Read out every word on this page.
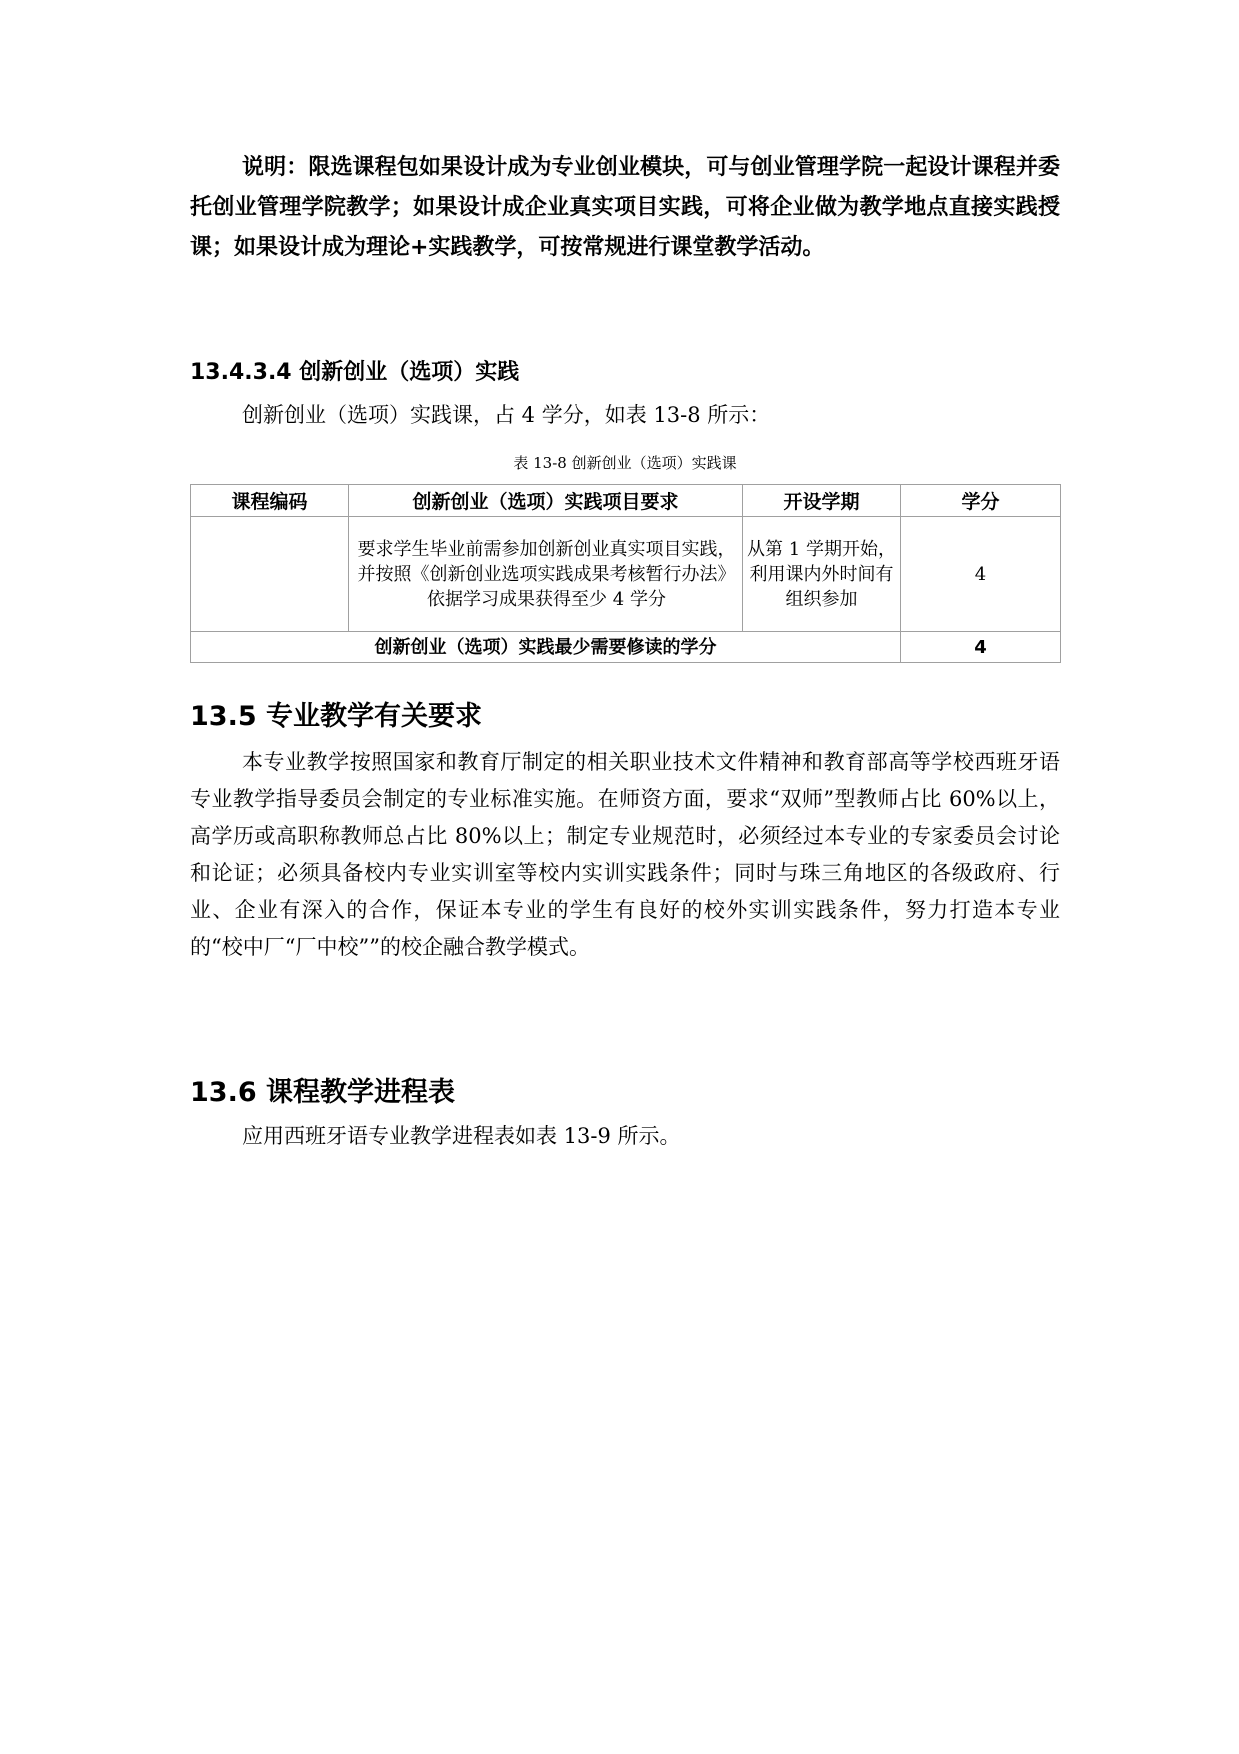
说明：限选课程包如果设计成为专业创业模块，可与创业管理学院一起设计课程并委托创业管理学院教学；如果设计成企业真实项目实践，可将企业做为教学地点直接实践授课；如果设计成为理论+实践教学，可按常规进行课堂教学活动。

13.4.3.4 创新创业（选项）实践

创新创业（选项）实践课，占 4 学分，如表 13-8 所示：

表 13-8 创新创业（选项）实践课

课程编码	创新创业（选项）实践项目要求	开设学期	学分
	要求学生毕业前需参加创新创业真实项目实践，并按照《创新创业选项实践成果考核暂行办法》依据学习成果获得至少 4 学分	从第 1 学期开始，利用课内外时间有组织参加	4
创新创业（选项）实践最少需要修读的学分			4
13.5 专业教学有关要求

本专业教学按照国家和教育厅制定的相关职业技术文件精神和教育部高等学校西班牙语专业教学指导委员会制定的专业标准实施。在师资方面，要求“双师”型教师占比 60%以上，高学历或高职称教师总占比 80%以上；制定专业规范时，必须经过本专业的专家委员会讨论和论证；必须具备校内专业实训室等校内实训实践条件；同时与珠三角地区的各级政府、行业、企业有深入的合作，保证本专业的学生有良好的校外实训实践条件，努力打造本专业的“校中厂“厂中校””的校企融合教学模式。

13.6 课程教学进程表

应用西班牙语专业教学进程表如表 13-9 所示。
